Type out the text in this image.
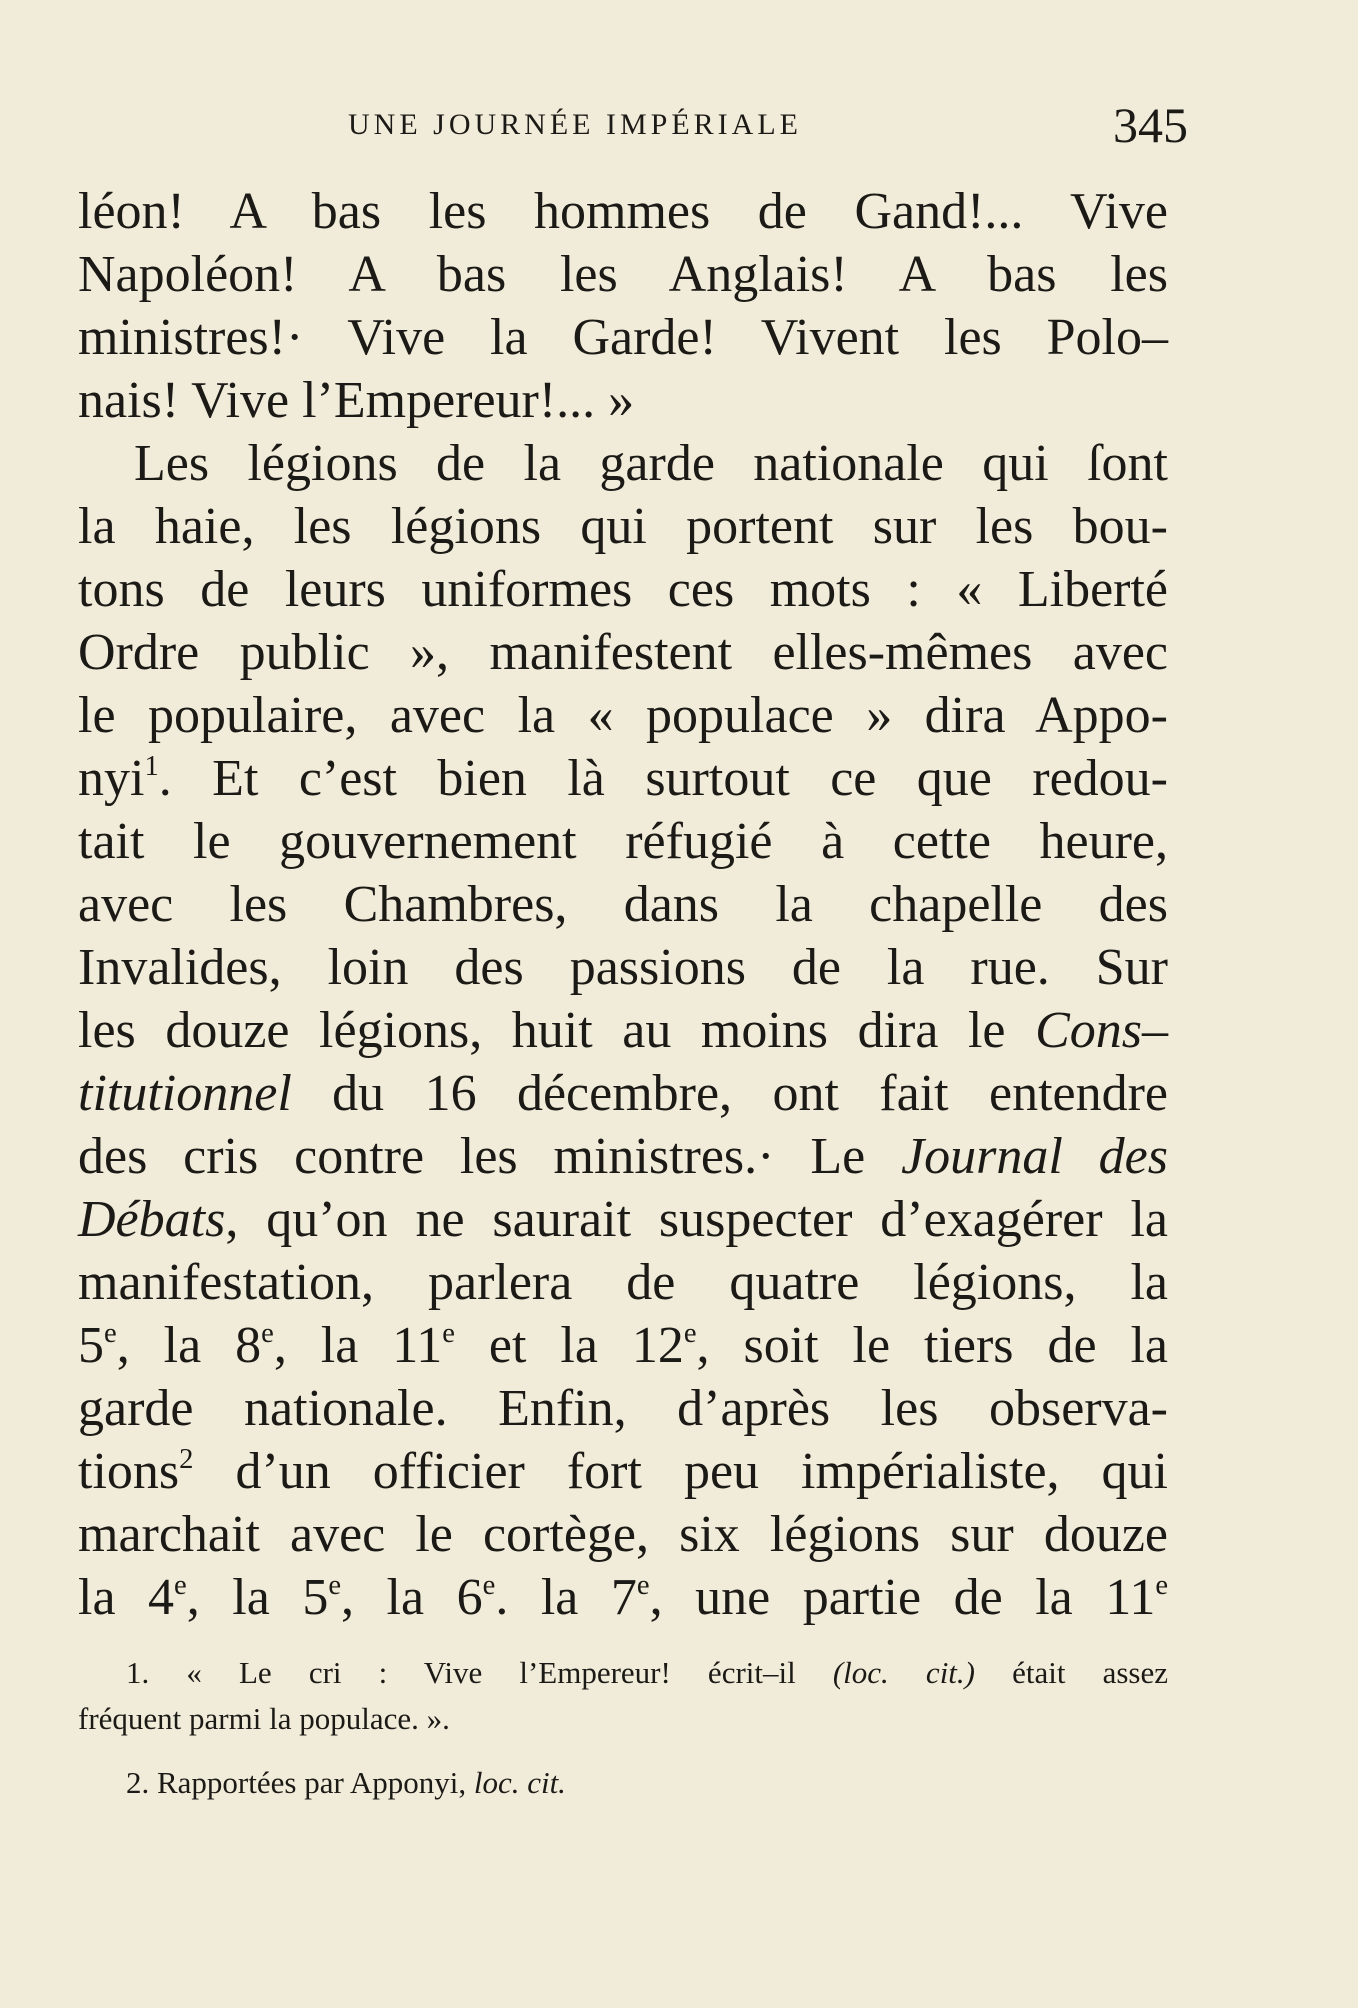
UNE JOURNÉE IMPÉRIALE	345
léon! A bas les hommes de Gand!... Vive
Napoléon! A bas les Anglais! A bas les
ministres!· Vive la Garde! Vivent les Polo–
nais! Vive l’Empereur!... »
Les légions de la garde nationale qui ſont
la haie, les légions qui portent sur les bou-
tons de leurs uniformes ces mots : « Liberté
Ordre public », manifestent elles-mêmes avec
le populaire, avec la « populace » dira Appo-
nyi$^1$. Et c’est bien là surtout ce que redou-
tait le gouvernement réfugié à cette heure,
avec les Chambres, dans la chapelle des
Invalides, loin des passions de la rue. Sur
les douze légions, huit au moins dira le Cons–
titutionnel du 16 décembre, ont fait entendre
des cris contre les ministres.· Le Journal des
Débats, qu’on ne saurait suspecter d’exagérer la
manifestation, parlera de quatre légions, la
5e, la 8e, la 11e et la 12e, soit le tiers de la
garde nationale. Enfin, d’après les observa-
tions$^2$ d’un officier fort peu impérialiste, qui
marchait avec le cortège, six légions sur douze
la 4e, la 5e, la 6e. la 7e, une partie de la 11e
1. « Le cri : Vive l’Empereur! écrit–il (loc. cit.) était assez
fréquent parmi la populace. ».
2. Rapportées par Apponyi, loc. cit.
